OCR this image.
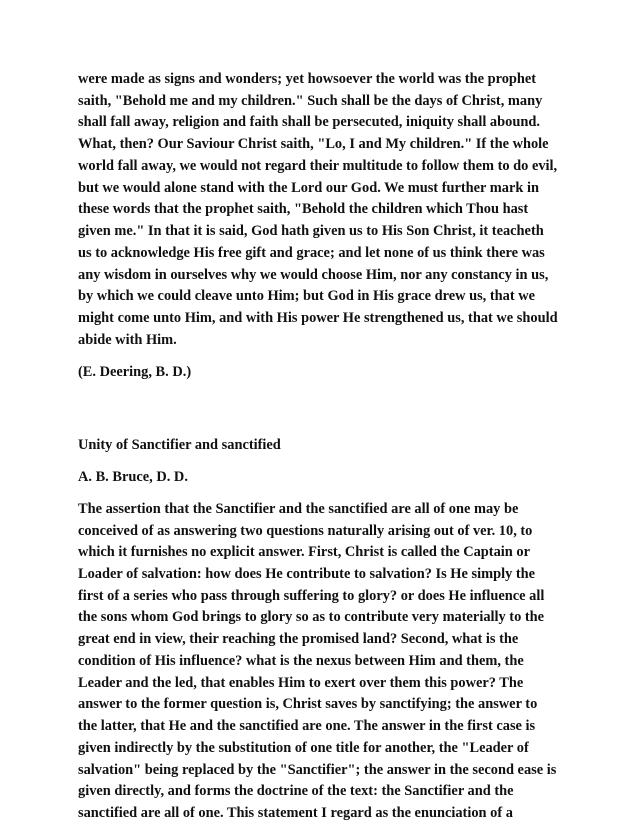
were made as signs and wonders; yet howsoever the world was the prophet

saith, "Behold me and my children." Such shall be the days of Christ, many

shall fall away, religion and faith shall be persecuted, iniquity shall abound.

What, then? Our Saviour Christ saith, "Lo, I and My children." If the whole

world fall away, we would not regard their multitude to follow them to do evil,

but we would alone stand with the Lord our God. We must further mark in

these words that the prophet saith, "Behold the children which Thou hast

given me." In that it is said, God hath given us to His Son Christ, it teacheth

us to acknowledge His free gift and grace; and let none of us think there was

any wisdom in ourselves why we would choose Him, nor any constancy in us,

by which we could cleave unto Him; but God in His grace drew us, that we

might come unto Him, and with His power He strengthened us, that we should

abide with Him.

(E. Deering, B. D.)

Unity of Sanctifier and sanctified

A. B. Bruce, D. D.

The assertion that the Sanctifier and the sanctified are all of one may be

conceived of as answering two questions naturally arising out of ver. 10, to

which it furnishes no explicit answer. First, Christ is called the Captain or

Loader of salvation: how does He contribute to salvation? Is He simply the

first of a series who pass through suffering to glory? or does He influence all

the sons whom God brings to glory so as to contribute very materially to the

great end in view, their reaching the promised land? Second, what is the

condition of His influence? what is the nexus between Him and them, the

Leader and the led, that enables Him to exert over them this power? The

answer to the former question is, Christ saves by sanctifying; the answer to

the latter, that He and the sanctified are one. The answer in the first case is

given indirectly by the substitution of one title for another, the "Leader of

salvation" being replaced by the "Sanctifier"; the answer in the second ease is

given directly, and forms the doctrine of the text: the Sanctifier and the

sanctified are all of one. This statement I regard as the enunciation of a
